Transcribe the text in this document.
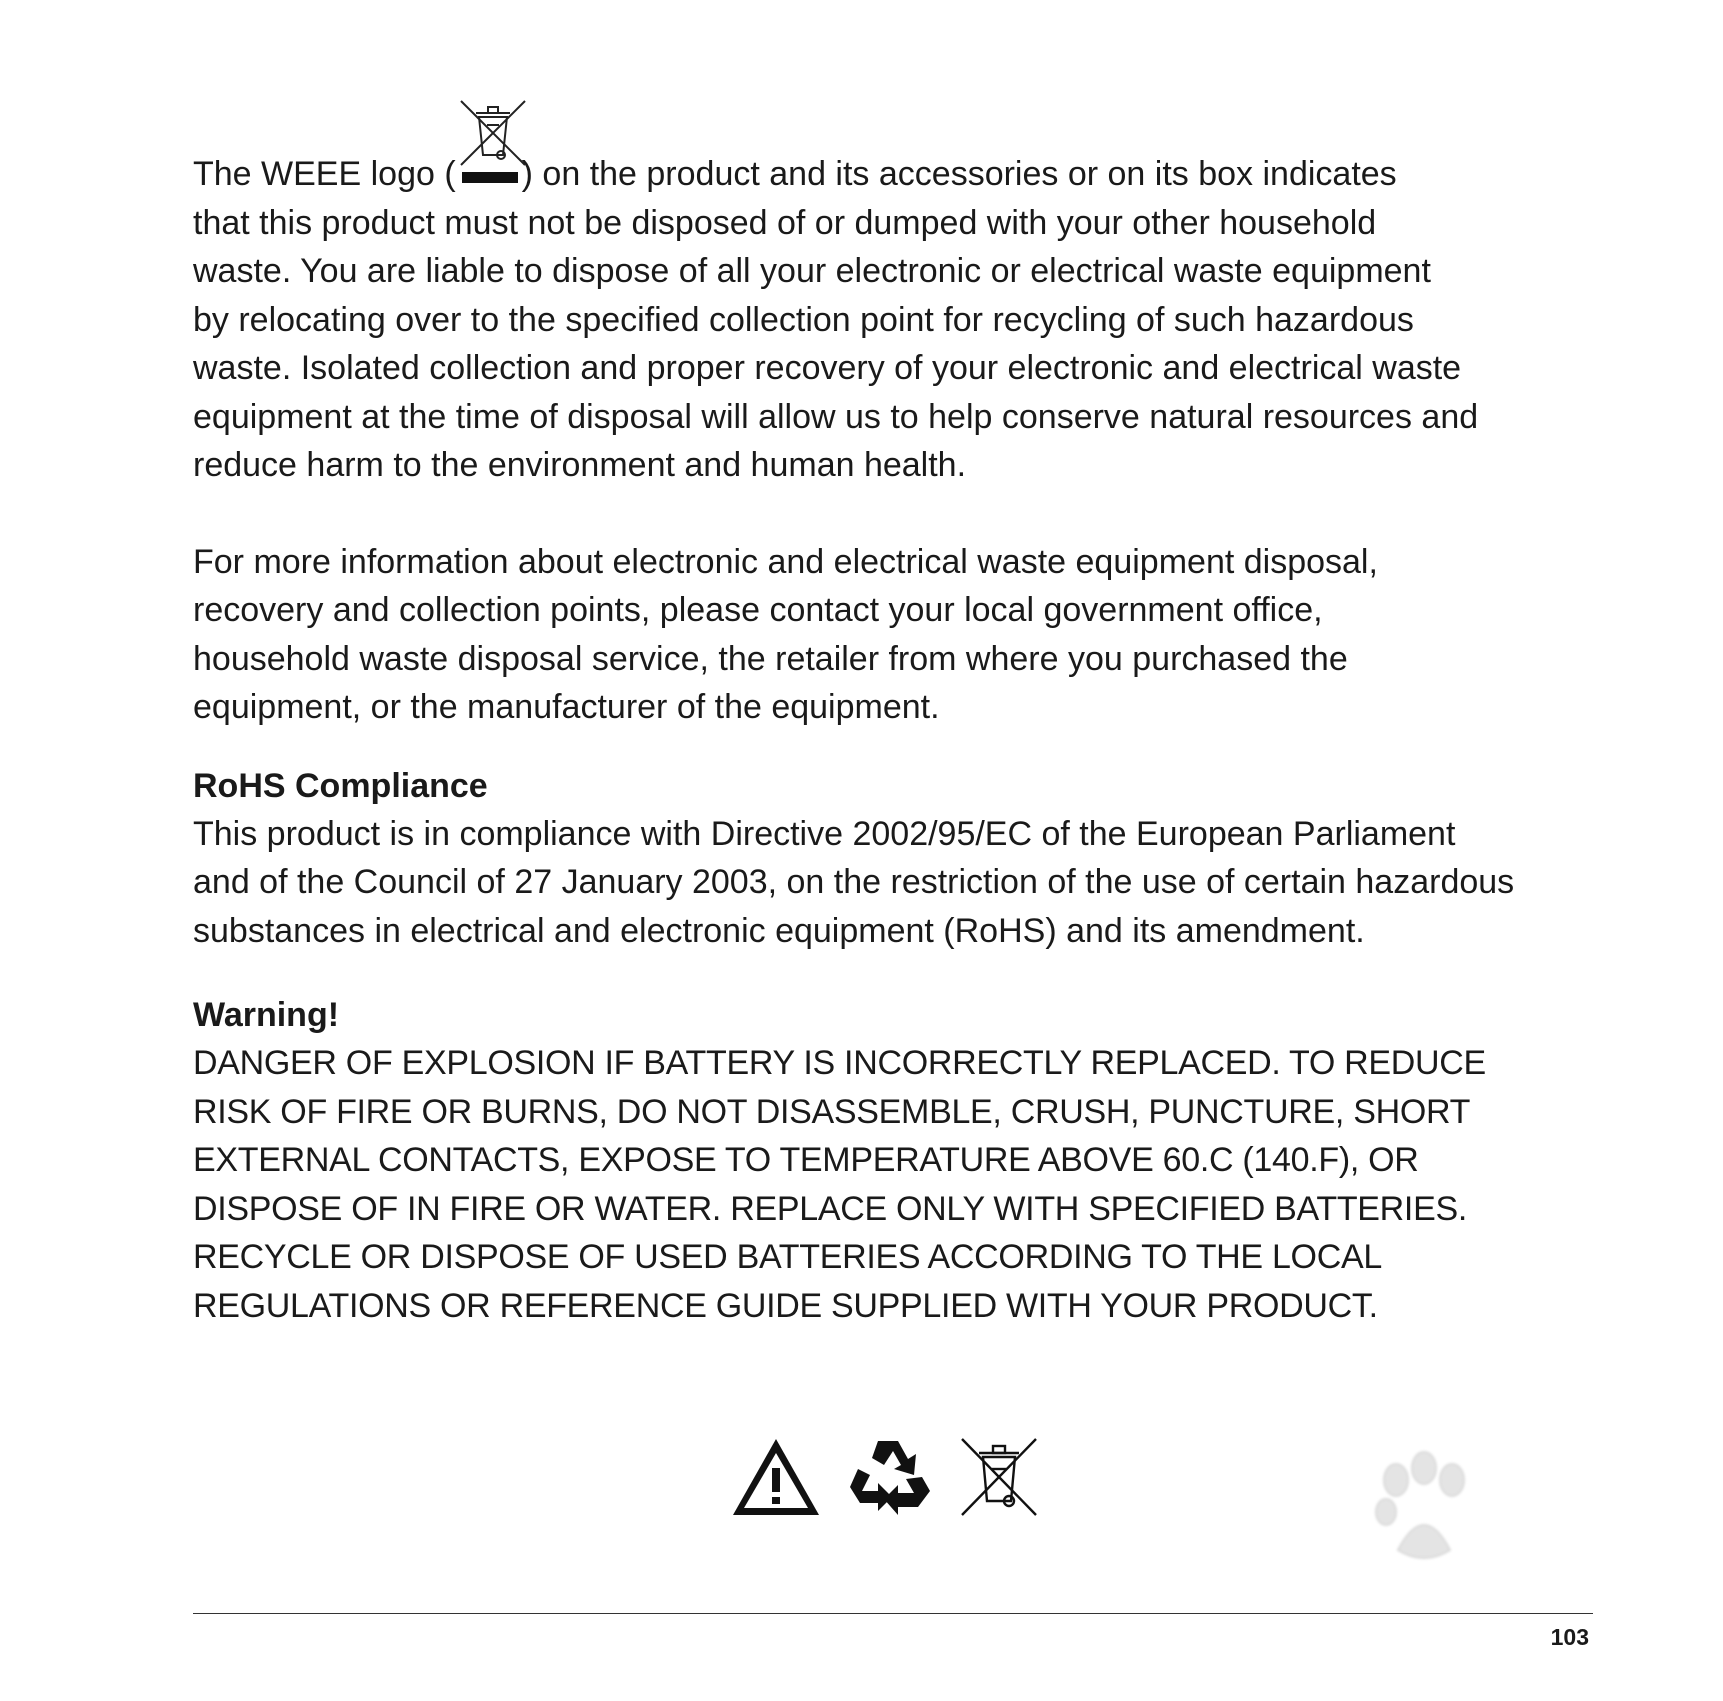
The WEEE logo ( ) on the product and its accessories or on its box indicates
that this product must not be disposed of or dumped with your other household
waste. You are liable to dispose of all your electronic or electrical waste equipment
by relocating over to the specified collection point for recycling of such hazardous
waste. Isolated collection and proper recovery of your electronic and electrical waste
equipment at the time of disposal will allow us to help conserve natural resources and
reduce harm to the environment and human health.

For more information about electronic and electrical waste equipment disposal,
recovery and collection points, please contact your local government office,
household waste disposal service, the retailer from where you purchased the
equipment, or the manufacturer of the equipment.

RoHS Compliance

This product is in compliance with Directive 2002/95/EC of the European Parliament
and of the Council of 27 January 2003, on the restriction of the use of certain hazardous
substances in electrical and electronic equipment (RoHS) and its amendment.

Warning!

DANGER OF EXPLOSION IF BATTERY IS INCORRECTLY REPLACED. TO REDUCE
RISK OF FIRE OR BURNS, DO NOT DISASSEMBLE, CRUSH, PUNCTURE, SHORT
EXTERNAL CONTACTS, EXPOSE TO TEMPERATURE ABOVE 60.C (140.F), OR
DISPOSE OF IN FIRE OR WATER. REPLACE ONLY WITH SPECIFIED BATTERIES.
RECYCLE OR DISPOSE OF USED BATTERIES ACCORDING TO THE LOCAL
REGULATIONS OR REFERENCE GUIDE SUPPLIED WITH YOUR PRODUCT.

103
